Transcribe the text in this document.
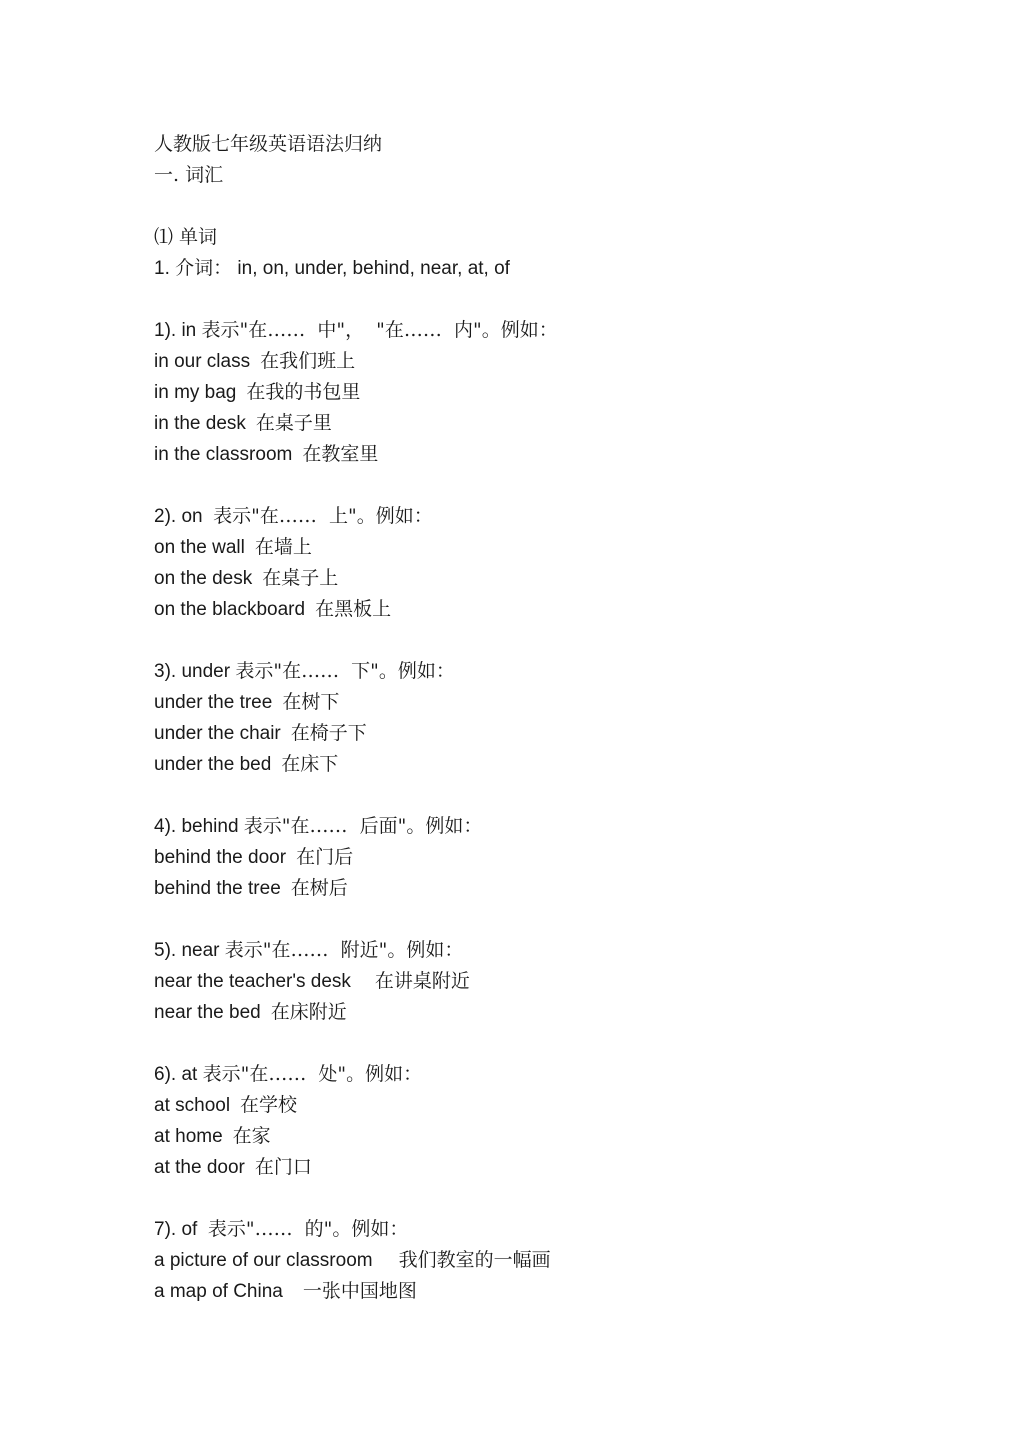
人教版七年级英语语法归纳
一. 词汇
⑴ 单词
1. 介词： in, on, under, behind, near, at, of
1). in 表示"在……  中"，  "在……  内"。例如：
in our class 在我们班上
in my bag 在我的书包里
in the desk 在桌子里
in the classroom 在教室里
2). on  表示"在……  上"。例如：
on the wall 在墙上
on the desk 在桌子上
on the blackboard 在黑板上
3). under 表示"在……  下"。例如：
under the tree 在树下
under the chair 在椅子下
under the bed 在床下
4). behind 表示"在……  后面"。例如：
behind the door 在门后
behind the tree 在树后
5). near 表示"在……  附近"。例如：
near the teacher's desk 在讲桌附近
near the bed 在床附近
6). at 表示"在……  处"。例如：
at school 在学校
at home 在家
at the door 在门口
7). of  表示"……  的"。例如：
a picture of our classroom 我们教室的一幅画
a map of China 一张中国地图
